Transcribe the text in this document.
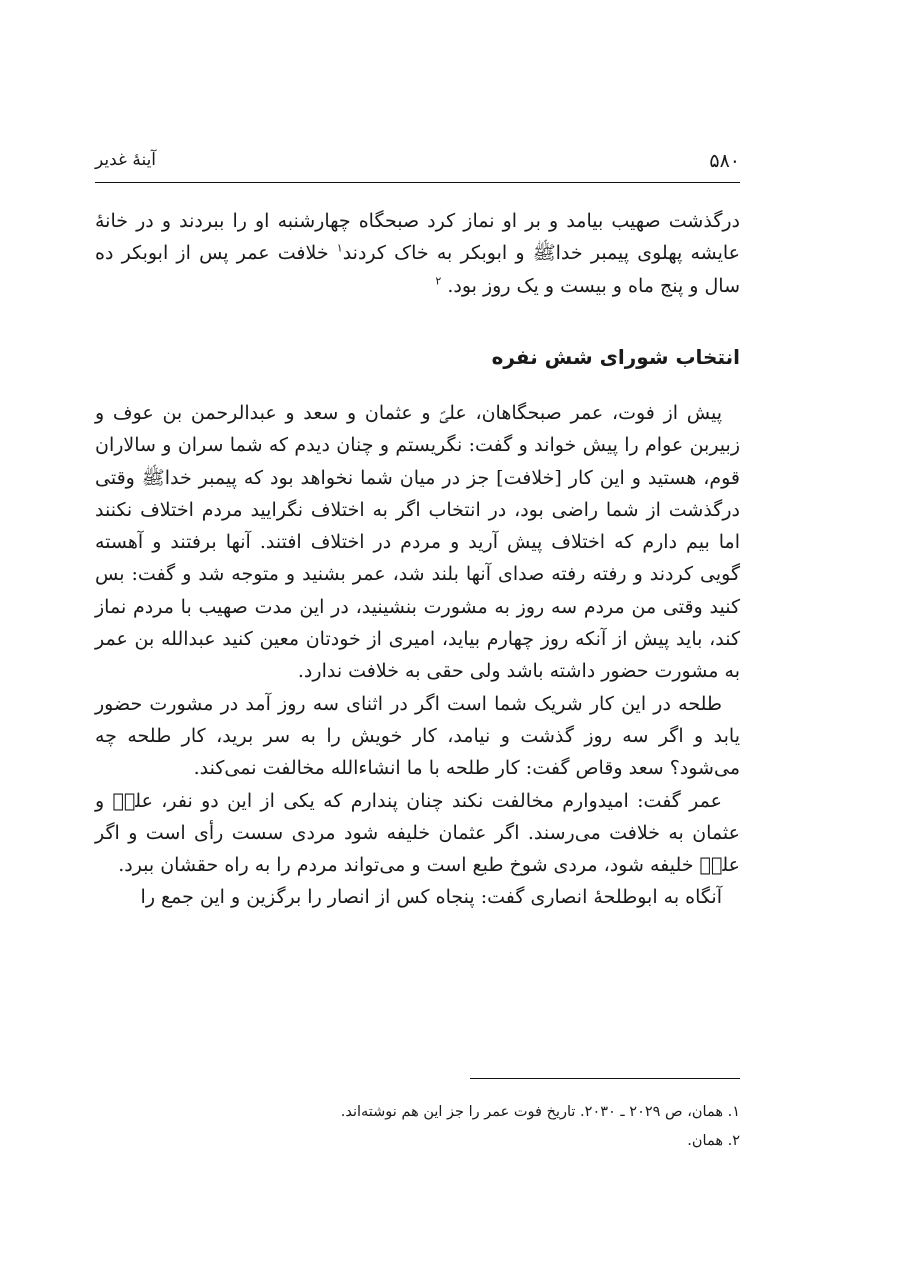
۵۸۰
آینۀ غدیر

درگذشت صهیب بیامد و بر او نماز کرد صبحگاه چهارشنبه او را ببردند و در خانۀ عایشه پهلوی پیمبر خداﷺ و ابوبکر به خاک کردند$^۱$ خلافت عمر پس از ابوبکر ده سال و پنج ماه و بیست و یک روز بود. $^۲$

انتخاب شورای شش نفره

پیش از فوت، عمر صبحگاهان، علیؐ و عثمان و سعد و عبدالرحمن بن عوف و زبیربن عوام را پیش خواند و گفت: نگریستم و چنان دیدم که شما سران و سالاران قوم، هستید و این کار [خلافت] جز در میان شما نخواهد بود که پیمبر خداﷺ وقتی درگذشت از شما راضی بود، در انتخاب اگر به اختلاف نگرایید مردم اختلاف نکنند اما بیم دارم که اختلاف پیش آرید و مردم در اختلاف افتند. آنها برفتند و آهسته گویی کردند و رفته رفته صدای آنها بلند شد، عمر بشنید و متوجه شد و گفت: بس کنید وقتی من مردم سه روز به مشورت بنشینید، در این مدت صهیب با مردم نماز کند، باید پیش از آنکه روز چهارم بیاید، امیری از خودتان معین کنید عبدالله بن عمر به مشورت حضور داشته باشد ولی حقی به خلافت ندارد.

طلحه در این کار شریک شما است اگر در اثنای سه روز آمد در مشورت حضور یابد و اگر سه روز گذشت و نیامد، کار خویش را به سر برید، کار طلحه چه می‌شود؟ سعد وقاص گفت: کار طلحه با ما انشاءالله مخالفت نمی‌کند.

عمر گفت: امیدوارم مخالفت نکند چنان پندارم که یکی از این دو نفر، علیؐ و عثمان به خلافت می‌رسند. اگر عثمان خلیفه شود مردی سست رأی است و اگر علیؐ خلیفه شود، مردی شوخ طبع است و می‌تواند مردم را به راه حقشان ببرد.

آنگاه به ابوطلحۀ انصاری گفت: پنجاه کس از انصار را برگزین و این جمع را

۱. همان، ص ۲۰۲۹ ـ ۲۰۳۰. تاریخ فوت عمر را جز این هم نوشته‌اند.
۲. همان.
